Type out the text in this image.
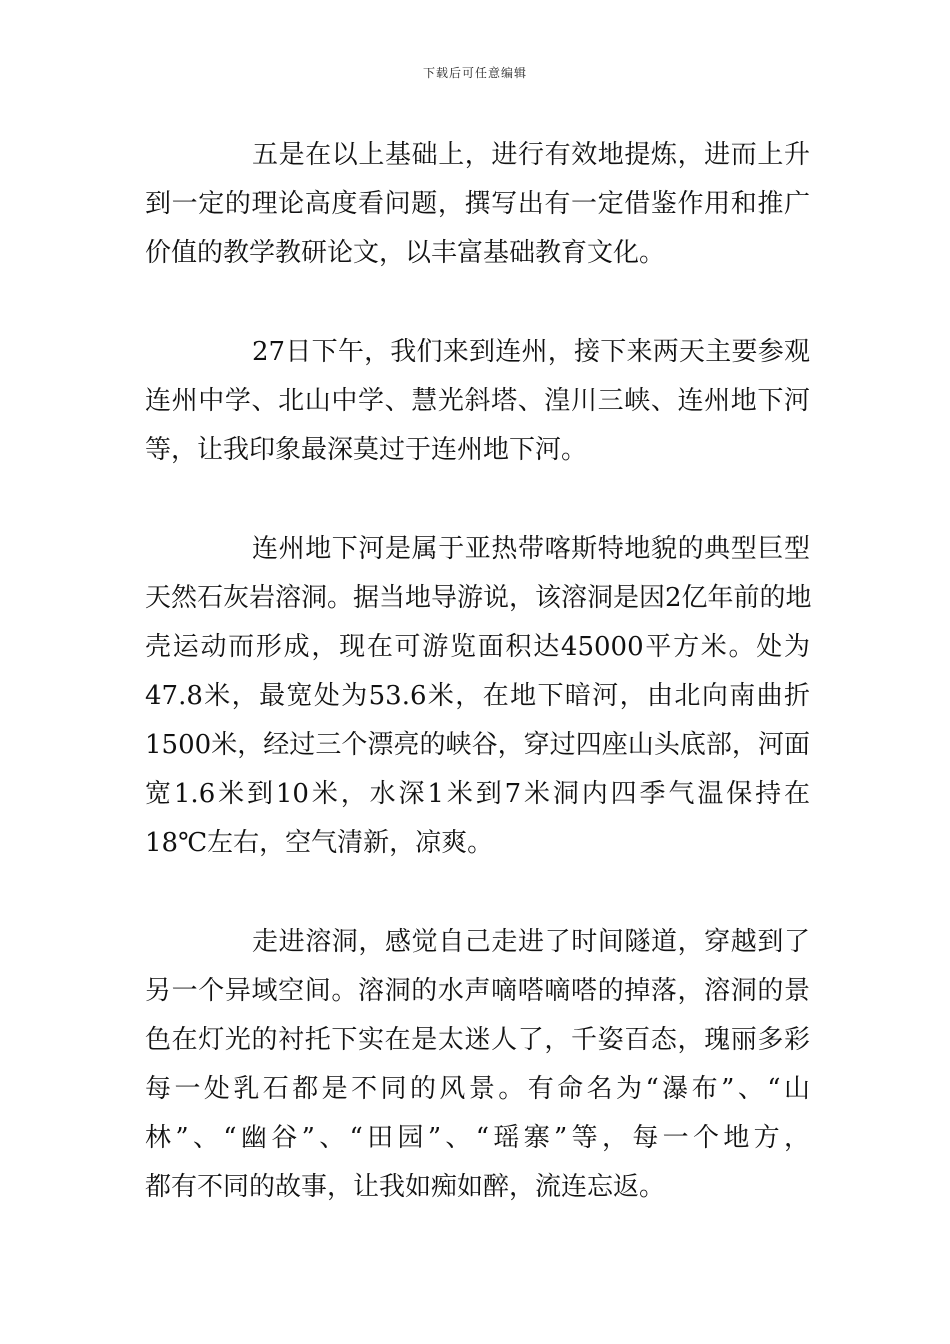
下载后可任意编辑
五是在以上基础上，进行有效地提炼，进而上升
到一定的理论高度看问题，撰写出有一定借鉴作用和推广
价值的教学教研论文，以丰富基础教育文化。
27日下午，我们来到连州，接下来两天主要参观
连州中学、北山中学、慧光斜塔、湟川三峡、连州地下河
等，让我印象最深莫过于连州地下河。
连州地下河是属于亚热带喀斯特地貌的典型巨型
天然石灰岩溶洞。据当地导游说，该溶洞是因2亿年前的地
壳运动而形成，现在可游览面积达45000平方米。处为
47.8米，最宽处为53.6米，在地下暗河，由北向南曲折
1500米，经过三个漂亮的峡谷，穿过四座山头底部，河面
宽1.6米到10米，水深1米到7米洞内四季气温保持在
18℃左右，空气清新，凉爽。
走进溶洞，感觉自己走进了时间隧道，穿越到了
另一个异域空间。溶洞的水声嘀嗒嘀嗒的掉落，溶洞的景
色在灯光的衬托下实在是太迷人了，千姿百态，瑰丽多彩
每一处乳石都是不同的风景。有命名为“瀑布”、“山
林”、“幽谷”、“田园”、“瑶寨”等，每一个地方，
都有不同的故事，让我如痴如醉，流连忘返。
